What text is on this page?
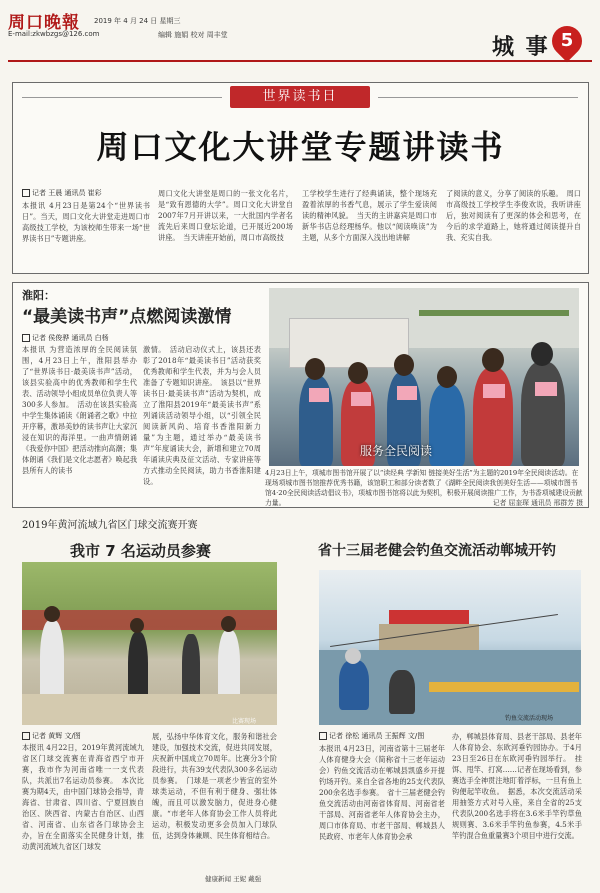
周口晚報
E-mail:zkwbzgs@126.com
2019 年 4 月 24 日 星期三
编辑 施娟 校对 周丰堂	城 事 5
世界读书日
周口文化大讲堂专题讲读书
记者 王晨 通讯员 崔彩
本报讯 4月23日是第24个“世界读书日”。当天，周口文化大讲堂走进周口市高级技工学校，为该校师生带来一场“世界读书日”专题讲座。
周口文化大讲堂是周口的一张文化名片，是“致有恩德的大学”。周口文化大讲堂自2007年7月开讲以来，一大批国内学者名流先后来周口登坛论道，已开展近200场讲座。　当天讲座开始前，周口市高级技
工学校学生进行了经典诵读，整个现场充盈着浓厚的书香气息，展示了学生爱读阅读的精神风貌。　当天的主讲嘉宾是周口市新华书店总经理杨华。他以“阅读唤读”为主题，从多个方面深入浅出地讲解
了阅读的意义，分享了阅读的乐趣。　周口市高级技工学校学生李俊欢说，我听讲座后，独对阅读有了更深的体会和思考，在今后的求学道路上，她将通过阅读提升自我、充实自我。
淮阳：
“最美读书声”点燃阅读激情
记者 侯俊骅 通讯员 白杨
本报讯 为营造浓厚的全民阅读氛围，4月23日上午，淮阳县举办了“世界读书日·最美读书声”活动，该县实验高中的优秀教师和学生代表、活动领导小组成员单位负责人等300多人参加。　活动在该县实验高中学生集体诵读《朗诵者之歌》中拉开序幕，激昂美妙的读书声让大家沉浸在知识的海洋里。一曲声情朗诵《我爱你中国》把活动推向高潮；集体朗诵《我们是文化志愿者》唤起我县所有人的读书
激情。　活动启动仪式上，该县还表彰了2018年“最美读书日”活动获奖优秀教师和学生代表，并为与会人员准备了专题知识讲座。　该县以“世界读书日·最美读书声”活动为契机，成立了淮阳县2019年“最美读书声”系列诵读活动领导小组，以“引领全民阅读新风尚、培育书香淮阳新力量”为主题，通过举办“最美读书声”年度诵读大会，新增和建立70周年诵读庆典及征文活动、专家讲座等方式推动全民阅读，助力书香淮阳建设。
服务全民阅读
4月23日上午，项城市图书馆开展了以“读经典 学新知 链接美好生活”为主题的2019年全民阅读活动。在现场项城市图书馆推荐优秀书籍，该馆职工和部分读者数了《湖畔全民阅读我创美好生活——项城市图书馆4·20全民阅读活动倡议书》，项城市图书馆将以此为契机，积极开展阅读推广工作，为书香项城建设贡献力量。	记者 屈奎琛 通讯员 邢群芳 摄
2019年黄河流域九省区门球交流赛开赛
我市 7 名运动员参赛
比赛现场
记者 黄辉 文/图
本报讯 4月22日，2019年黄河流域九省区门球交流赛在青海省西宁市开赛，我市作为河南省唯一一支代表队，共派出7名运动员参赛。　本次比赛为期4天，由中国门球协会指导，青海省、甘肃省、四川省、宁夏回族自治区、陕西省、内蒙古自治区、山西省、河南省、山东省各门球协会主办，旨在全面落实全民健身计划，推动黄河流域九省区门球发
展，弘扬中华体育文化，服务和谐社会建设，加强技术交流，促进共同发展，庆祝新中国成立70周年。比赛分3个阶段进行，共有39支代表队300多名运动员参赛。　门球是一项老少皆宜的室外球类运动，不但有利于健身、强壮体魄，而且可以激发脑力，促进身心健康。“市老年人体育协会工作人员将此运动，积极发动更多会员加入门球队伍，达到身体兼顾、民生体育相结合。
健康新闻 王妮 戴强
省十三届老健会钓鱼交流活动郸城开钓
钓鱼交流活动现场
记者 徐松 通讯员 王振辉 文/图
本报讯 4月23日，河南省第十三届老年人体育健身大会（简称省十三老年运动会）钓鱼交流活动在郸城县凯盛乡开提钓场开钓。来自全省各地的25支代表队200余名选手参赛。　省十三届老健会钓鱼交流活动由河南省体育局、河南省老干部局、河南省老年人体育协会主办，周口市体育局、市老干部局、郸城县人民政府、市老年人体育协会承
办，郸城县体育局、县老干部局、县老年人体育协会、东欧河垂钓园协办。于4月23日至26日在东欧河垂钓园举行。　挂饵、甩竿、打窝……记者在现场看到，参赛选手全神贯注地盯着浮标，一旦有鱼上钩便起竿收鱼。　据悉，本次交流活动采用抽签方式对号入座，来自全省的25支代表队200名选手将在3.6米手竿钓草鱼规则赛、3.6米手竿钓鱼参赛，4.5米手竿钓混合鱼重量赛3个项目中进行交流。
